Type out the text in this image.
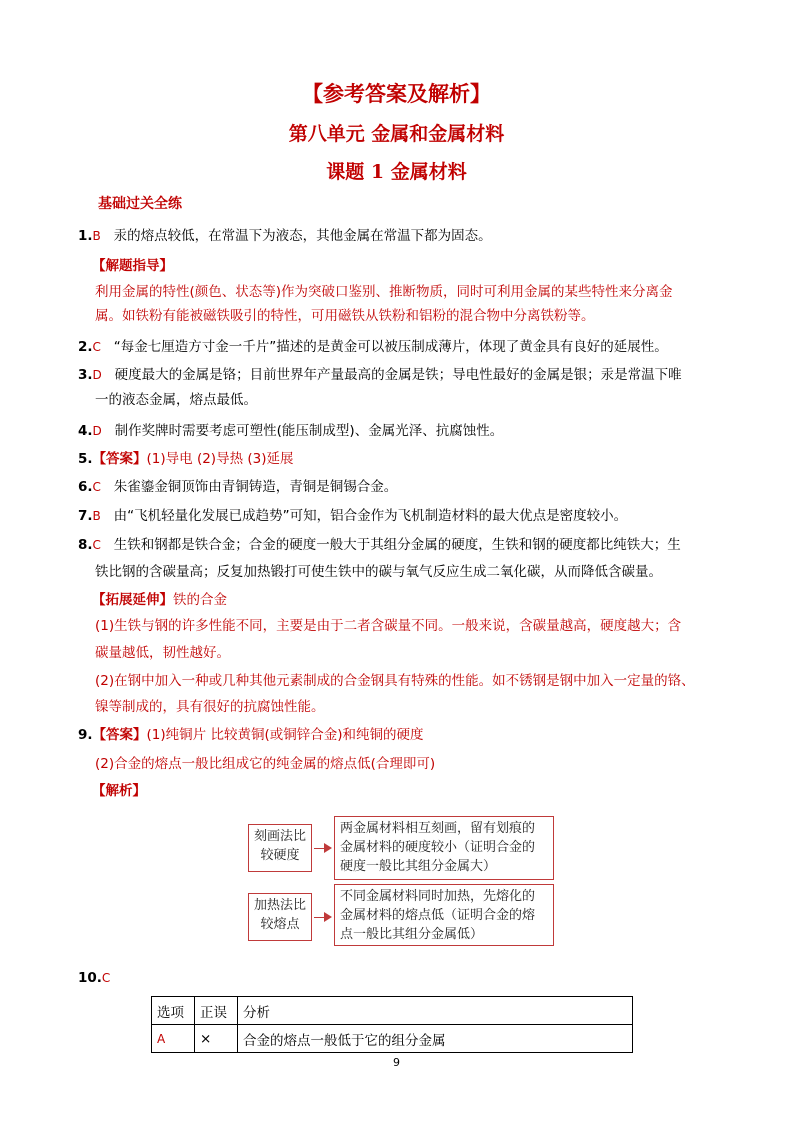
【参考答案及解析】
第八单元 金属和金属材料
课题 1 金属材料
基础过关全练
1.B 汞的熔点较低，在常温下为液态，其他金属在常温下都为固态。
【解题指导】
利用金属的特性(颜色、状态等)作为突破口鉴别、推断物质，同时可利用金属的某些特性来分离金
属。如铁粉有能被磁铁吸引的特性，可用磁铁从铁粉和铝粉的混合物中分离铁粉等。
2.C “每金七厘造方寸金一千片”描述的是黄金可以被压制成薄片，体现了黄金具有良好的延展性。
3.D 硬度最大的金属是铬；目前世界年产量最高的金属是铁；导电性最好的金属是银；汞是常温下唯
一的液态金属，熔点最低。
4.D 制作奖牌时需要考虑可塑性(能压制成型)、金属光泽、抗腐蚀性。
5.【答案】(1)导电 (2)导热 (3)延展
6.C 朱雀鎏金铜顶饰由青铜铸造，青铜是铜锡合金。
7.B 由“飞机轻量化发展已成趋势”可知，铝合金作为飞机制造材料的最大优点是密度较小。
8.C 生铁和钢都是铁合金；合金的硬度一般大于其组分金属的硬度，生铁和钢的硬度都比纯铁大；生
铁比钢的含碳量高；反复加热锻打可使生铁中的碳与氧气反应生成二氧化碳，从而降低含碳量。
【拓展延伸】铁的合金
(1)生铁与钢的许多性能不同，主要是由于二者含碳量不同。一般来说，含碳量越高，硬度越大；含
碳量越低，韧性越好。
(2)在钢中加入一种或几种其他元素制成的合金钢具有特殊的性能。如不锈钢是钢中加入一定量的铬、
镍等制成的，具有很好的抗腐蚀性能。
9.【答案】(1)纯铜片 比较黄铜(或铜锌合金)和纯铜的硬度
(2)合金的熔点一般比组成它的纯金属的熔点低(合理即可)
【解析】
刻画法比
较硬度
两金属材料相互刻画，留有划痕的
金属材料的硬度较小（证明合金的
硬度一般比其组分金属大）
加热法比
较熔点
不同金属材料同时加热，先熔化的
金属材料的熔点低（证明合金的熔
点一般比其组分金属低）
10.C
选项	正误	分析
A	×	合金的熔点一般低于它的组分金属
9
